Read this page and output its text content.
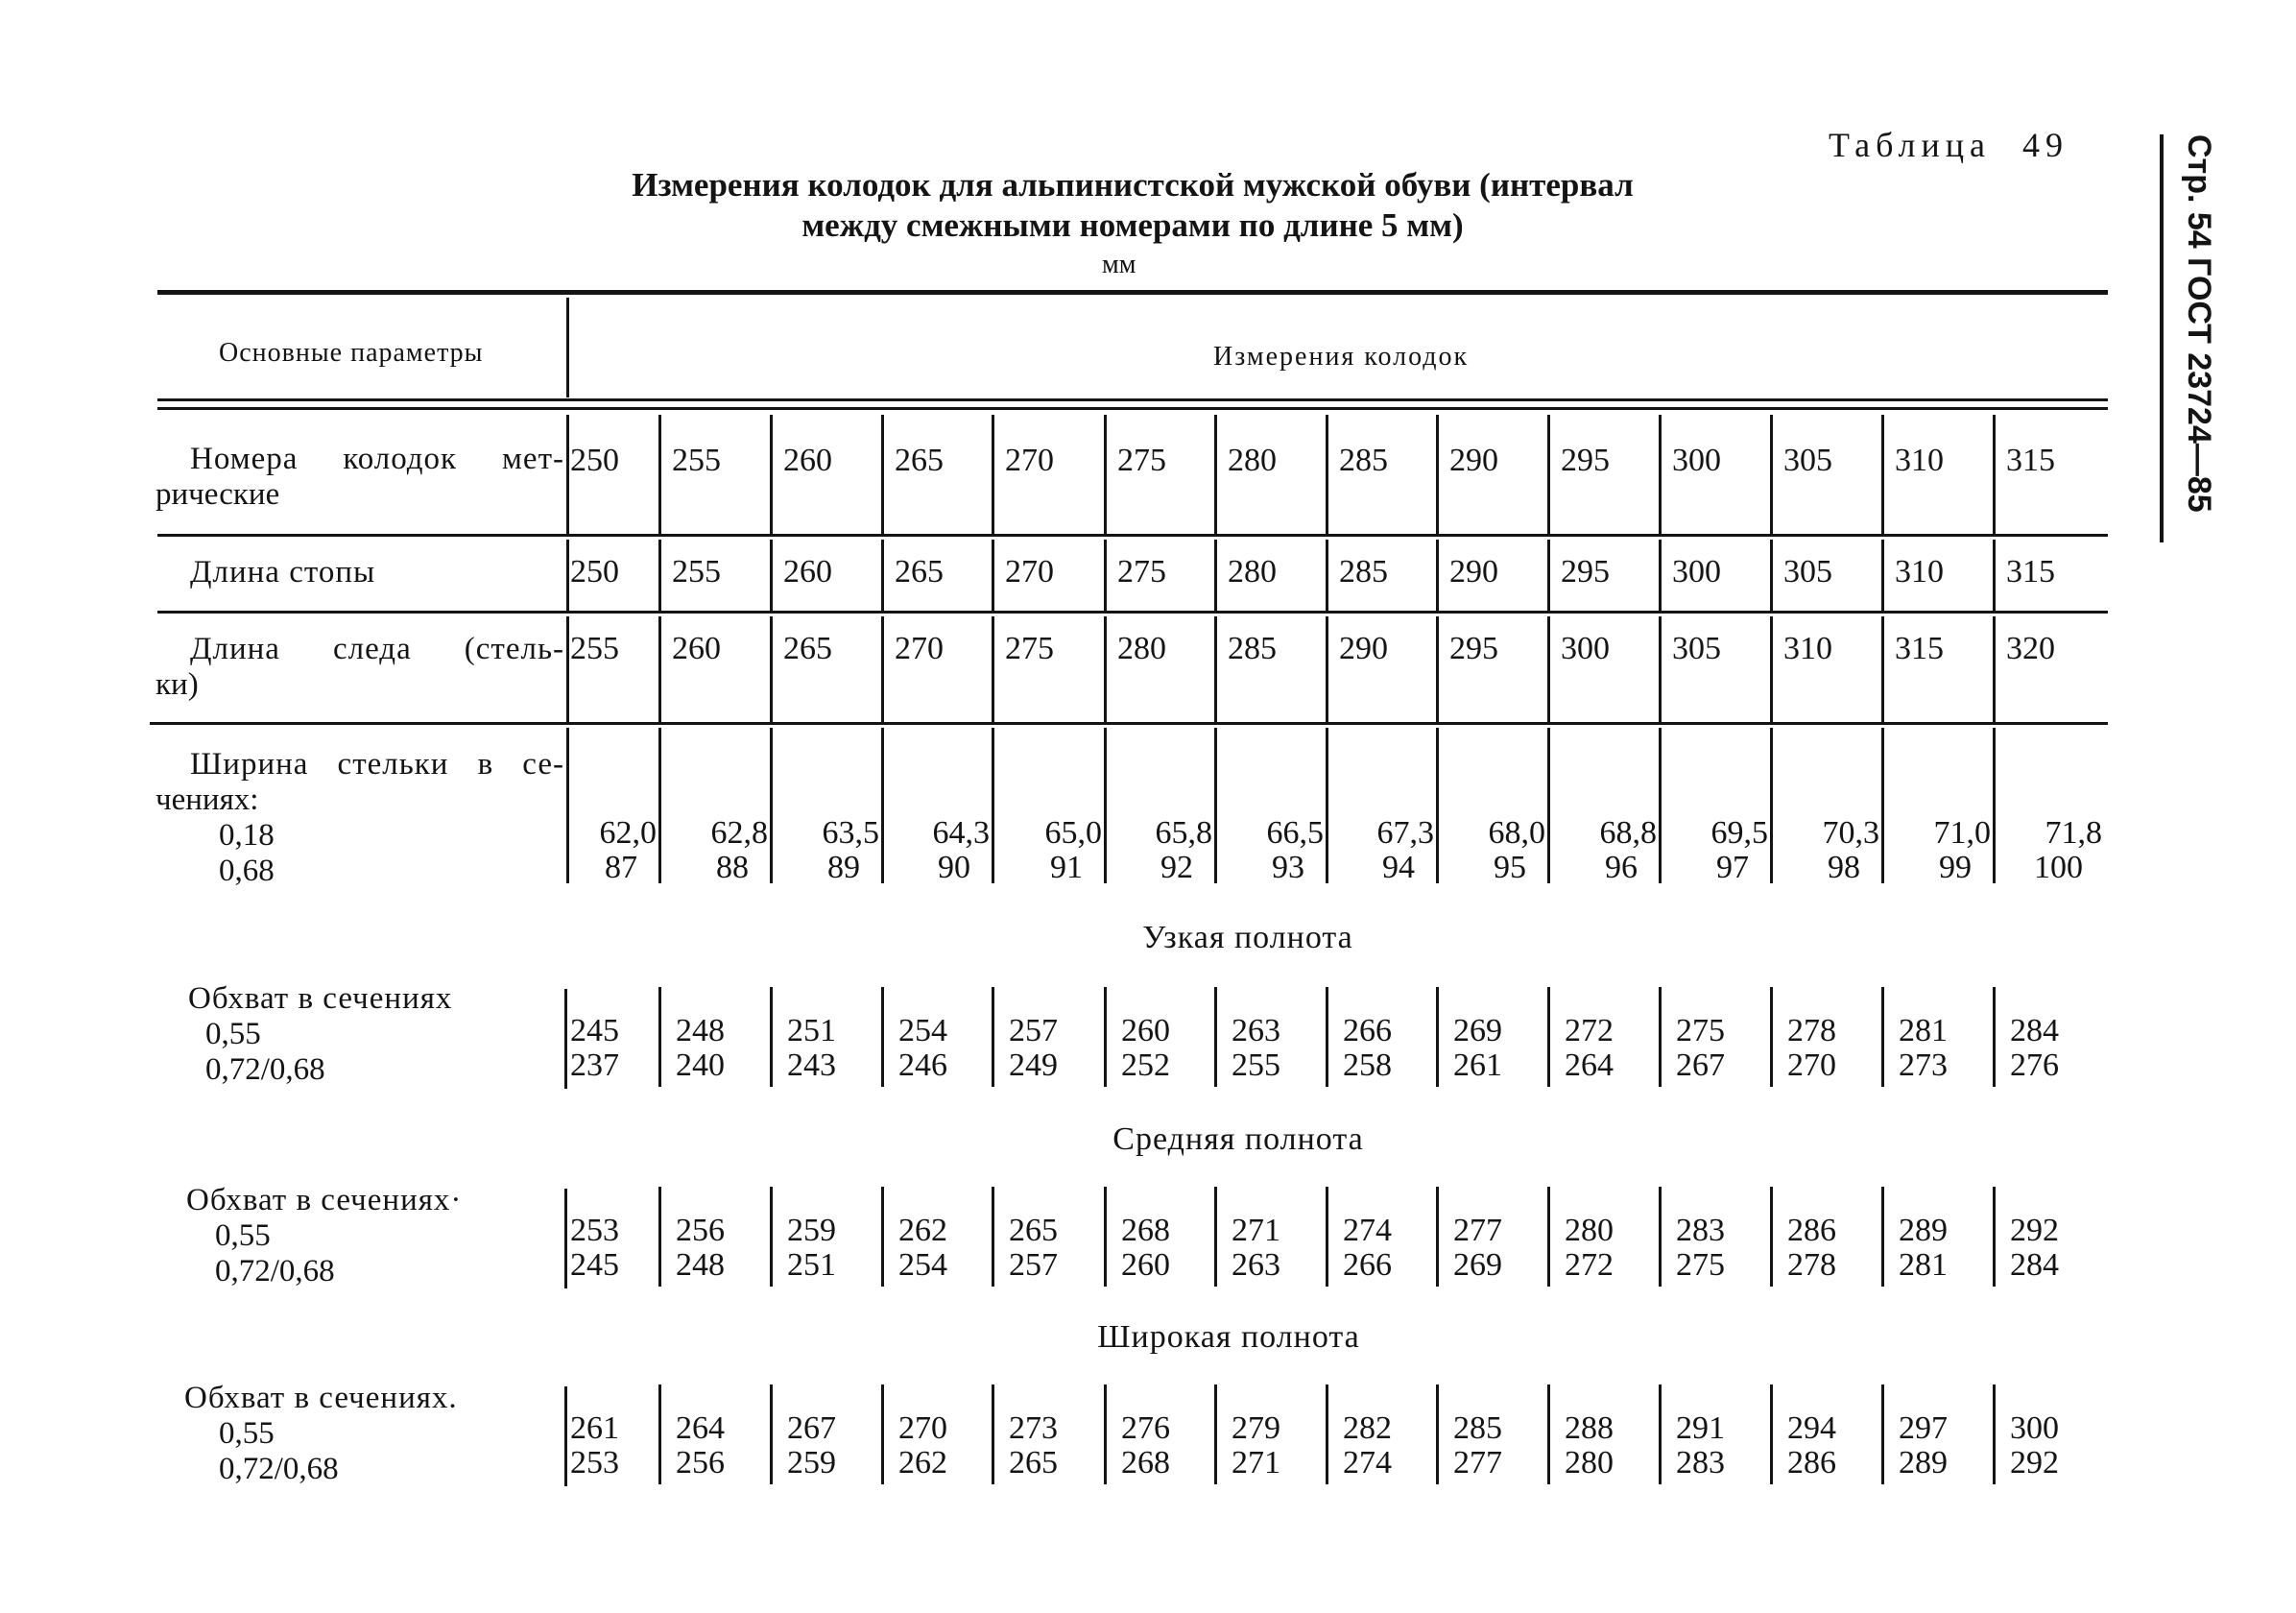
Таблица 49	Стр. 54 ГОСТ 23724—85
Измерения колодок для альпинистской мужской обуви (интервал
между смежными номерами по длине 5 мм)
мм
Основные параметры	Измерения колодок
Номера колодок мет-
рические
Длина стопы
Длина следа (стель-
ки)
Ширина стельки в се-
чениях:
0,18
0,68
Узкая полнота
Средняя полнота
Широкая полнота
Обхват в сечениях
0,55
0,72/0,68
Обхват в сечениях·
0,55
0,72/0,68
Обхват в сечениях.
0,55
0,72/0,68
250 255 260 265 270 275 280 285 290 295 300 305 310 315
250 255 260 265 270 275 280 285 290 295 300 305 310 315
255 260 265 270 275 280 285 290 295 300 305 310 315 320
62,0
87
62,8
88
63,5
89
64,3
90
65,0
91
65,8
92
66,5
93
67,3
94
68,0
95
68,8
96
69,5
97
70,3
98
71,0
99
71,8
100
245
237
248
240
251
243
254
246
257
249
260
252
263
255
266
258
269
261
272
264
275
267
278
270
281
273
284
276
253
245
256
248
259
251
262
254
265
257
268
260
271
263
274
266
277
269
280
272
283
275
286
278
289
281
292
284
261
253
264
256
267
259
270
262
273
265
276
268
279
271
282
274
285
277
288
280
291
283
294
286
297
289
300
292
